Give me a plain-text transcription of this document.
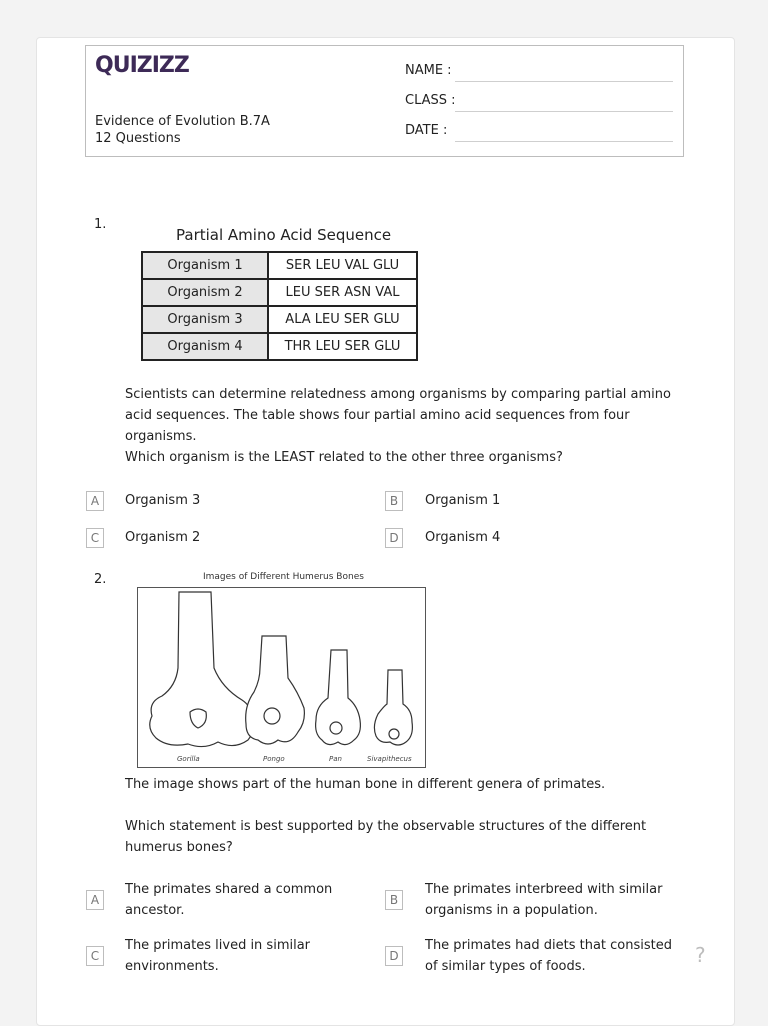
QUIZIZZ
Evidence of Evolution B.7A
12 Questions
NAME :
CLASS :
DATE :
1.
Partial Amino Acid Sequence
Organism 1	SER LEU VAL GLU
Organism 2	LEU SER ASN VAL
Organism 3	ALA LEU SER GLU
Organism 4	THR LEU SER GLU
Scientists can determine relatedness among organisms by comparing partial amino acid sequences. The table shows four partial amino acid sequences from four organisms.
Which organism is the LEAST related to the other three organisms?
A	Organism 3	B	Organism 1
C	Organism 2	D	Organism 4
2.	Images of Different Humerus Bones
Gorilla	Pongo	Pan	Sivapithecus
The image shows part of the human bone in different genera of primates.
Which statement is best supported by the observable structures of the different humerus bones?
A
The primates shared a common ancestor.
B
The primates interbreed with similar organisms in a population.
C
The primates lived in similar environments.
D
The primates had diets that consisted of similar types of foods.	?
